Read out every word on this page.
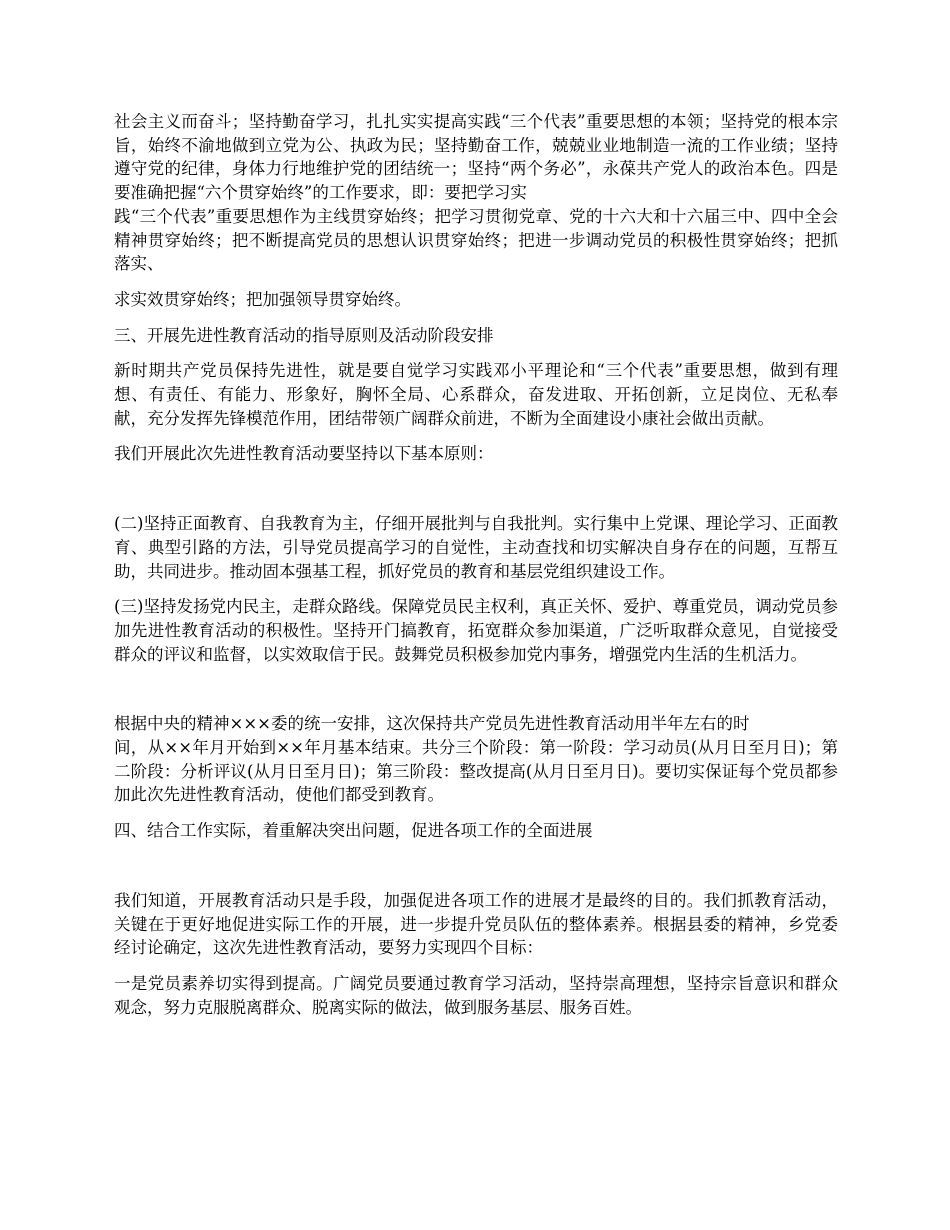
社会主义而奋斗；坚持勤奋学习，扎扎实实提高实践“三个代表”重要思想的本领；坚持党的根本宗旨，始终不渝地做到立党为公、执政为民；坚持勤奋工作，兢兢业业地制造一流的工作业绩；坚持遵守党的纪律，身体力行地维护党的团结统一；坚持“两个务必”，永葆共产党人的政治本色。四是要准确把握“六个贯穿始终”的工作要求，即：要把学习实
践“三个代表”重要思想作为主线贯穿始终；把学习贯彻党章、党的十六大和十六届三中、四中全会精神贯穿始终；把不断提高党员的思想认识贯穿始终；把进一步调动党员的积极性贯穿始终；把抓落实、

求实效贯穿始终；把加强领导贯穿始终。

三、开展先进性教育活动的指导原则及活动阶段安排

新时期共产党员保持先进性，就是要自觉学习实践邓小平理论和“三个代表”重要思想，做到有理想、有责任、有能力、形象好，胸怀全局、心系群众，奋发进取、开拓创新，立足岗位、无私奉献，充分发挥先锋模范作用，团结带领广阔群众前进，不断为全面建设小康社会做出贡献。

我们开展此次先进性教育活动要坚持以下基本原则：

(二)坚持正面教育、自我教育为主，仔细开展批判与自我批判。实行集中上党课、理论学习、正面教育、典型引路的方法，引导党员提高学习的自觉性，主动查找和切实解决自身存在的问题，互帮互助，共同进步。推动固本强基工程，抓好党员的教育和基层党组织建设工作。

(三)坚持发扬党内民主，走群众路线。保障党员民主权利，真正关怀、爱护、尊重党员，调动党员参加先进性教育活动的积极性。坚持开门搞教育，拓宽群众参加渠道，广泛听取群众意见，自觉接受群众的评议和监督，以实效取信于民。鼓舞党员积极参加党内事务，增强党内生活的生机活力。

根据中央的精神×××委的统一安排，这次保持共产党员先进性教育活动用半年左右的时
间，从××年月开始到××年月基本结束。共分三个阶段：第一阶段：学习动员(从月日至月日)；第二阶段：分析评议(从月日至月日)；第三阶段：整改提高(从月日至月日)。要切实保证每个党员都参加此次先进性教育活动，使他们都受到教育。

四、结合工作实际，着重解决突出问题，促进各项工作的全面进展

我们知道，开展教育活动只是手段，加强促进各项工作的进展才是最终的目的。我们抓教育活动，关键在于更好地促进实际工作的开展，进一步提升党员队伍的整体素养。根据县委的精神，乡党委经讨论确定，这次先进性教育活动，要努力实现四个目标：

一是党员素养切实得到提高。广阔党员要通过教育学习活动，坚持崇高理想，坚持宗旨意识和群众观念，努力克服脱离群众、脱离实际的做法，做到服务基层、服务百姓。
